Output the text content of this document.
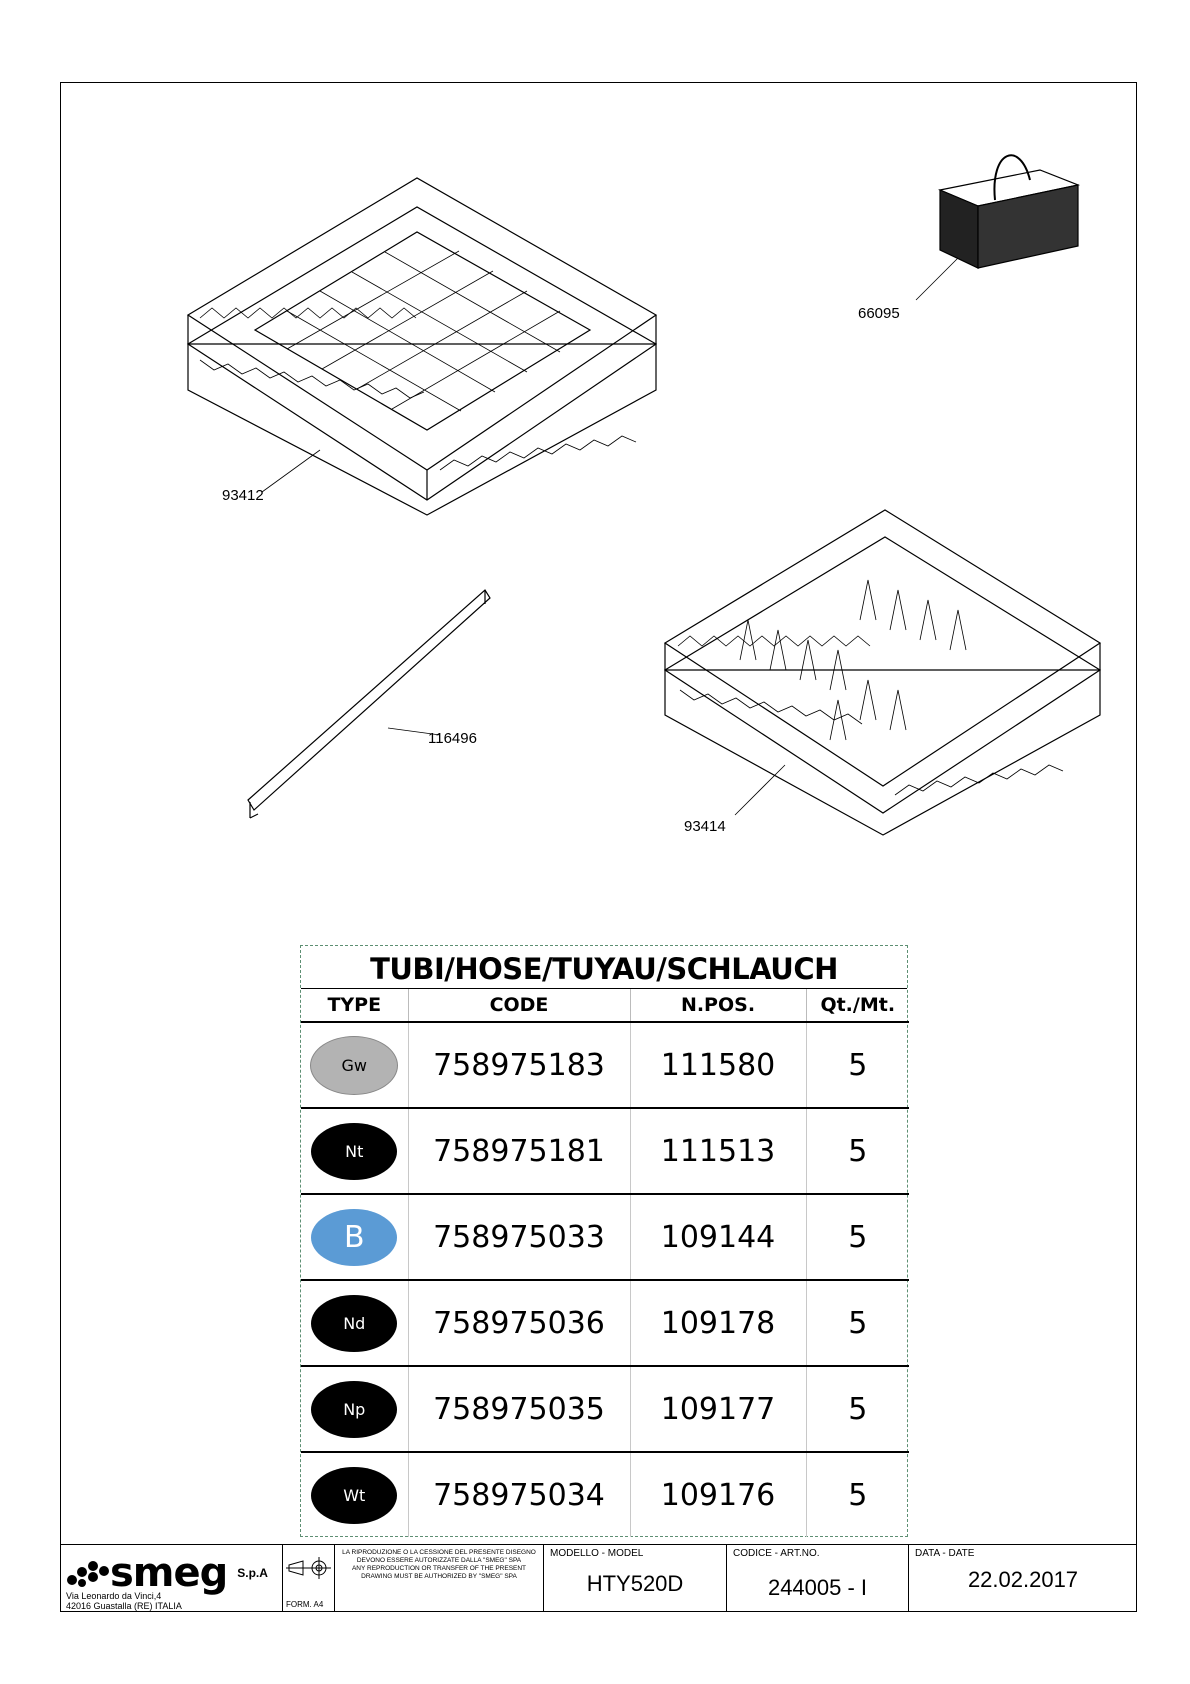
66095
93412
116496
93414
TUBI/HOSE/TUYAU/SCHLAUCH
TYPE	CODE	N.POS.	Qt./Mt.

Gw	758975183	111580	5

Nt	758975181	111513	5

B	758975033	109144	5

Nd	758975036	109178	5

Np	758975035	109177	5

Wt	758975034	109176	5
smeg S.p.A
Via Leonardo da Vinci,4
42016 Guastalla (RE) ITALIA	FORM. A4
LA RIPRODUZIONE O LA CESSIONE DEL PRESENTE DISEGNO DEVONO ESSERE AUTORIZZATE DALLA "SMEG" SPA
ANY REPRODUCTION OR TRANSFER OF THE PRESENT DRAWING MUST BE AUTHORIZED BY "SMEG" SPA
MODELLO - MODEL
HTY520D
CODICE - ART.NO.
244005 - I
DATA - DATE
22.02.2017
